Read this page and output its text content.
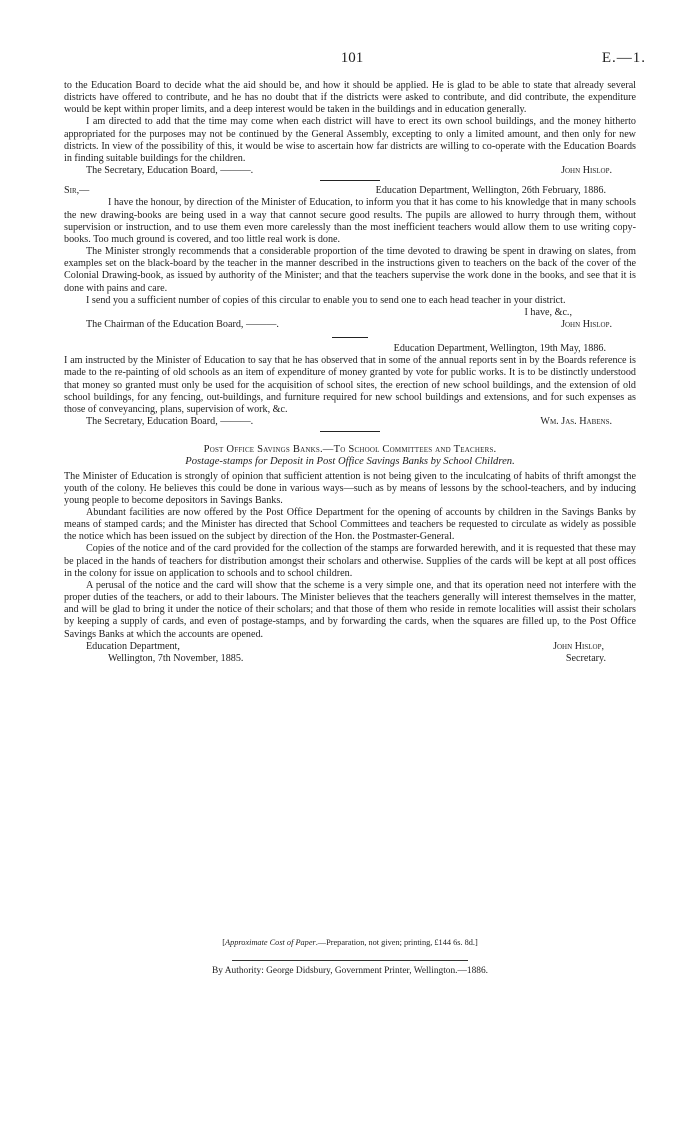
101	E.—1.

to the Education Board to decide what the aid should be, and how it should be applied. He is glad to be able to state that already several districts have offered to contribute, and he has no doubt that if the districts were asked to contribute, and did contribute, the expenditure would be kept within proper limits, and a deep interest would be taken in the buildings and in education generally.

I am directed to add that the time may come when each district will have to erect its own school buildings, and the money hitherto appropriated for the purposes may not be continued by the General Assembly, excepting to only a limited amount, and then only for new districts. In view of the possibility of this, it would be wise to ascertain how far districts are willing to co-operate with the Education Boards in finding suitable buildings for the children.

The Secretary, Education Board, ———.	John Hislop.
Sir,—	Education Department, Wellington, 26th February, 1886.

I have the honour, by direction of the Minister of Education, to inform you that it has come to his knowledge that in many schools the new drawing-books are being used in a way that cannot secure good results. The pupils are allowed to hurry through them, without supervision or instruction, and to use them even more carelessly than the most inefficient teachers would allow them to use writing copy-books. Too much ground is covered, and too little real work is done.

The Minister strongly recommends that a considerable proportion of the time devoted to drawing be spent in drawing on slates, from examples set on the black-board by the teacher in the manner described in the instructions given to teachers on the back of the cover of the Colonial Drawing-book, as issued by authority of the Minister; and that the teachers supervise the work done in the books, and see that it is done with pains and care.

I send you a sufficient number of copies of this circular to enable you to send one to each head teacher in your district.

I have, &c.,
The Chairman of the Education Board, ———.	John Hislop.

Education Department, Wellington, 19th May, 1886.

I am instructed by the Minister of Education to say that he has observed that in some of the annual reports sent in by the Boards reference is made to the re-painting of old schools as an item of expenditure of money granted by vote for public works. It is to be distinctly understood that money so granted must only be used for the acquisition of school sites, the erection of new school buildings, and the extension of old school buildings, for any fencing, out-buildings, and furniture required for new school buildings and extensions, and for such expenses as those of conveyancing, plans, supervision of work, &c.

The Secretary, Education Board, ———.	Wm. Jas. Habens.

Post Office Savings Banks.—To School Committees and Teachers.

Postage-stamps for Deposit in Post Office Savings Banks by School Children.

The Minister of Education is strongly of opinion that sufficient attention is not being given to the inculcating of habits of thrift amongst the youth of the colony. He believes this could be done in various ways—such as by means of lessons by the school-teachers, and by inducing young people to become depositors in Savings Banks.

Abundant facilities are now offered by the Post Office Department for the opening of accounts by children in the Savings Banks by means of stamped cards; and the Minister has directed that School Committees and teachers be requested to circulate as widely as possible the notice which has been issued on the subject by direction of the Hon. the Postmaster-General.

Copies of the notice and of the card provided for the collection of the stamps are forwarded herewith, and it is requested that these may be placed in the hands of teachers for distribution amongst their scholars and otherwise. Supplies of the cards will be kept at all post offices in the colony for issue on application to schools and to school children.

A perusal of the notice and the card will show that the scheme is a very simple one, and that its operation need not interfere with the proper duties of the teachers, or add to their labours. The Minister believes that the teachers generally will interest themselves in the matter, and will be glad to bring it under the notice of their scholars; and that those of them who reside in remote localities will assist their scholars by keeping a supply of cards, and even of postage-stamps, and by forwarding the cards, when the squares are filled up, to the Post Office Savings Banks at which the accounts are opened.

Education Department,	John Hislop,
Wellington, 7th November, 1885.	Secretary.
[Approximate Cost of Paper.—Preparation, not given; printing, £144 6s. 8d.]
By Authority: George Didsbury, Government Printer, Wellington.—1886.
